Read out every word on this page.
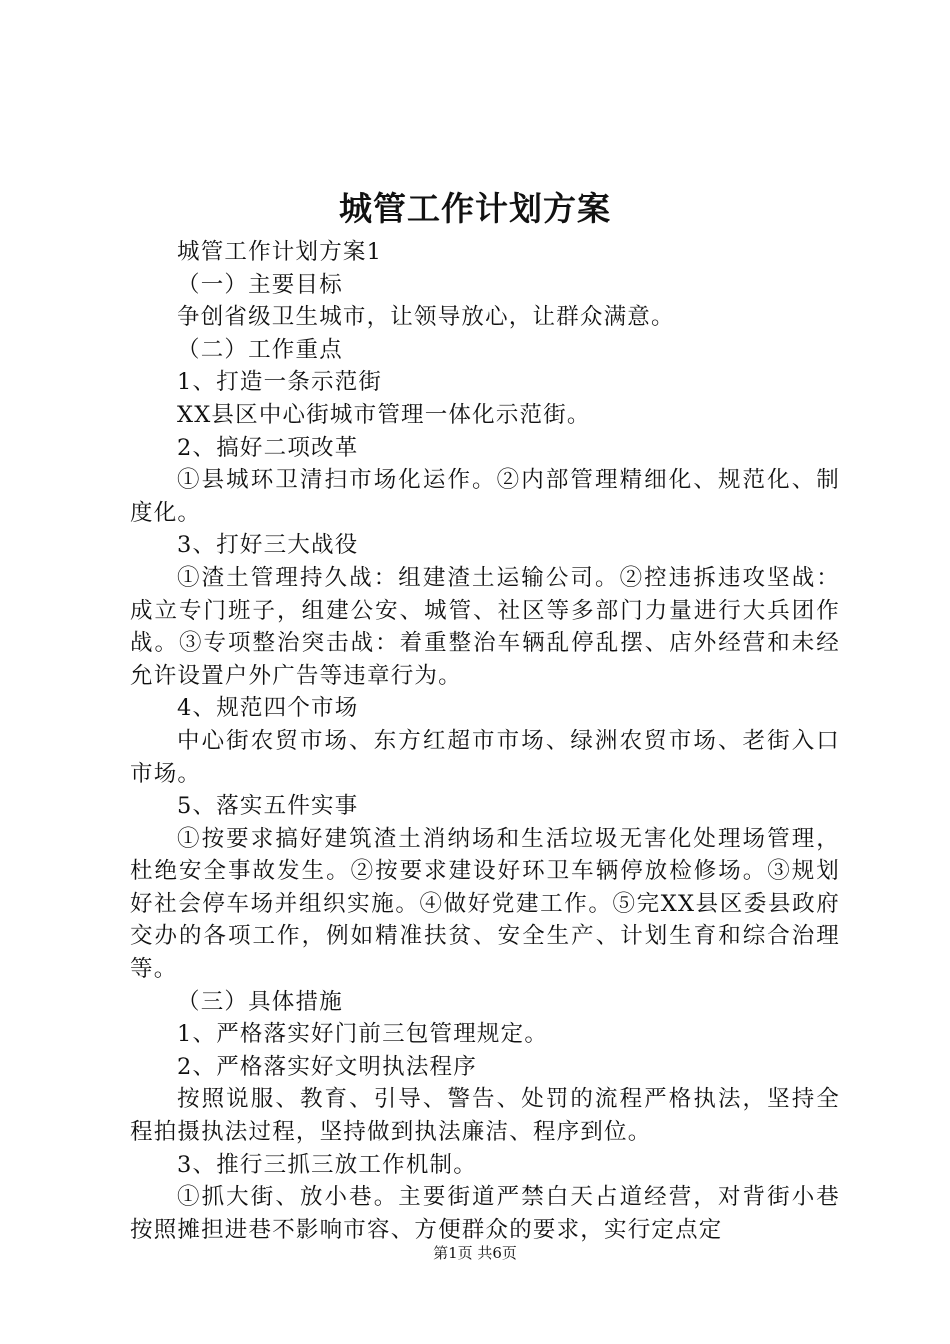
城管工作计划方案

城管工作计划方案1

（一）主要目标

争创省级卫生城市，让领导放心，让群众满意。

（二）工作重点

1、打造一条示范街

XX县区中心街城市管理一体化示范街。

2、搞好二项改革

①县城环卫清扫市场化运作。②内部管理精细化、规范化、制度化。

3、打好三大战役

①渣土管理持久战：组建渣土运输公司。②控违拆违攻坚战：成立专门班子，组建公安、城管、社区等多部门力量进行大兵团作战。③专项整治突击战：着重整治车辆乱停乱摆、店外经营和未经允许设置户外广告等违章行为。

4、规范四个市场

中心街农贸市场、东方红超市市场、绿洲农贸市场、老街入口市场。

5、落实五件实事

①按要求搞好建筑渣土消纳场和生活垃圾无害化处理场管理，杜绝安全事故发生。②按要求建设好环卫车辆停放检修场。③规划好社会停车场并组织实施。④做好党建工作。⑤完XX县区委县政府交办的各项工作，例如精准扶贫、安全生产、计划生育和综合治理等。

（三）具体措施

1、严格落实好门前三包管理规定。

2、严格落实好文明执法程序

按照说服、教育、引导、警告、处罚的流程严格执法，坚持全程拍摄执法过程，坚持做到执法廉洁、程序到位。

3、推行三抓三放工作机制。

①抓大街、放小巷。主要街道严禁白天占道经营，对背街小巷按照摊担进巷不影响市容、方便群众的要求，实行定点定

第1页 共6页
